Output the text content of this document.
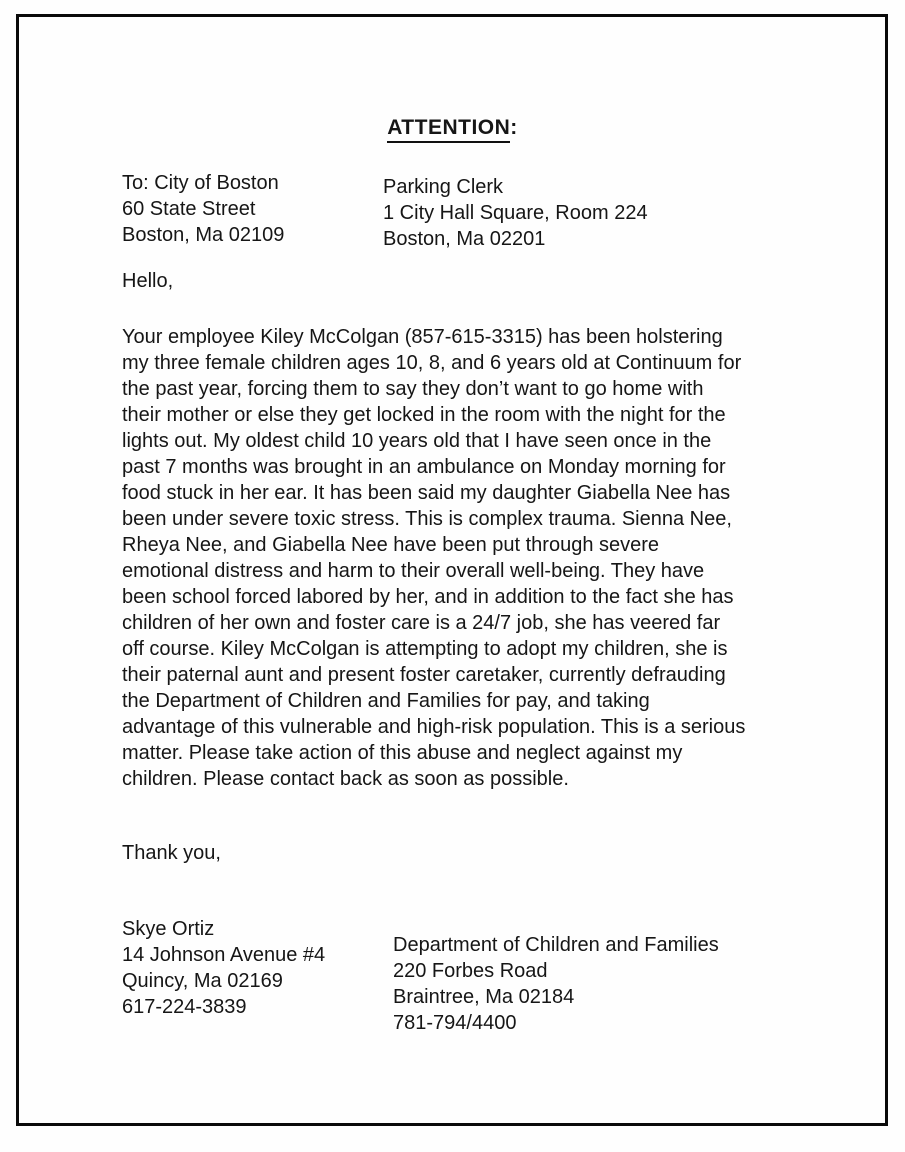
ATTENTION:
To: City of Boston
60 State Street
Boston, Ma 02109
Parking Clerk
1 City Hall Square, Room 224
Boston, Ma 02201
Hello,
Your employee Kiley McColgan (857-615-3315) has been holstering
my three female children ages 10, 8, and 6 years old at Continuum for
the past year, forcing them to say they don’t want to go home with
their mother or else they get locked in the room with the night for the
lights out. My oldest child 10 years old that I have seen once in the
past 7 months was brought in an ambulance on Monday morning for
food stuck in her ear. It has been said my daughter Giabella Nee has
been under severe toxic stress. This is complex trauma. Sienna Nee,
Rheya Nee, and Giabella Nee have been put through severe
emotional distress and harm to their overall well-being. They have
been school forced labored by her, and in addition to the fact she has
children of her own and foster care is a 24/7 job, she has veered far
off course. Kiley McColgan is attempting to adopt my children, she is
their paternal aunt and present foster caretaker, currently defrauding
the Department of Children and Families for pay, and taking
advantage of this vulnerable and high-risk population. This is a serious
matter. Please take action of this abuse and neglect against my
children. Please contact back as soon as possible.
Thank you,
Skye Ortiz
14 Johnson Avenue #4
Quincy, Ma 02169
617-224-3839
Department of Children and Families
220 Forbes Road
Braintree, Ma 02184
781-794/4400
